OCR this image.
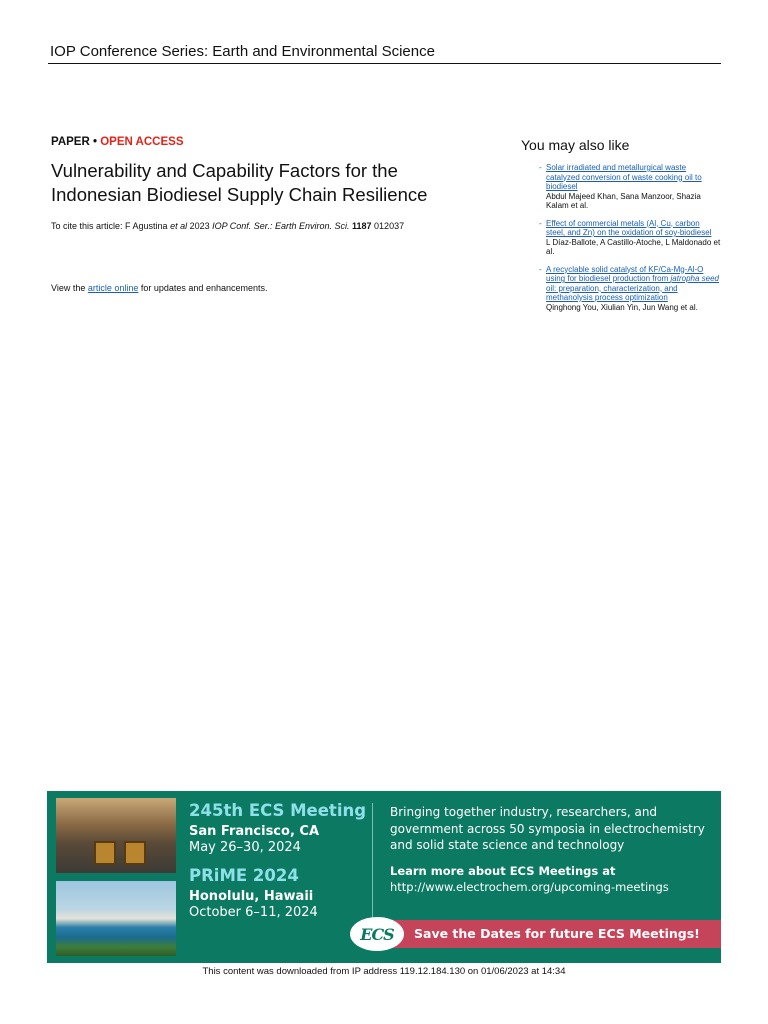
IOP Conference Series: Earth and Environmental Science
PAPER • OPEN ACCESS
Vulnerability and Capability Factors for the
Indonesian Biodiesel Supply Chain Resilience
To cite this article: F Agustina et al 2023 IOP Conf. Ser.: Earth Environ. Sci. 1187 012037
View the article online for updates and enhancements.
You may also like
- Solar irradiated and metallurgical waste catalyzed conversion of waste cooking oil to biodiesel
Abdul Majeed Khan, Sana Manzoor, Shazia Kalam et al.
- Effect of commercial metals (Al, Cu, carbon steel, and Zn) on the oxidation of soy-biodiesel
L Díaz-Ballote, A Castillo-Atoche, L Maldonado et al.
- A recyclable solid catalyst of KF/Ca-Mg-Al-O using for biodiesel production from jatropha seed oil: preparation, characterization, and methanolysis process optimization
Qinghong You, Xiulian Yin, Jun Wang et al.
245th ECS Meeting
San Francisco, CA
May 26–30, 2024
PRiME 2024
Honolulu, Hawaii
October 6–11, 2024
Bringing together industry, researchers, and government across 50 symposia in electrochemistry and solid state science and technology
Learn more about ECS Meetings at
http://www.electrochem.org/upcoming-meetings
Save the Dates for future ECS Meetings!
ECS
This content was downloaded from IP address 119.12.184.130 on 01/06/2023 at 14:34
